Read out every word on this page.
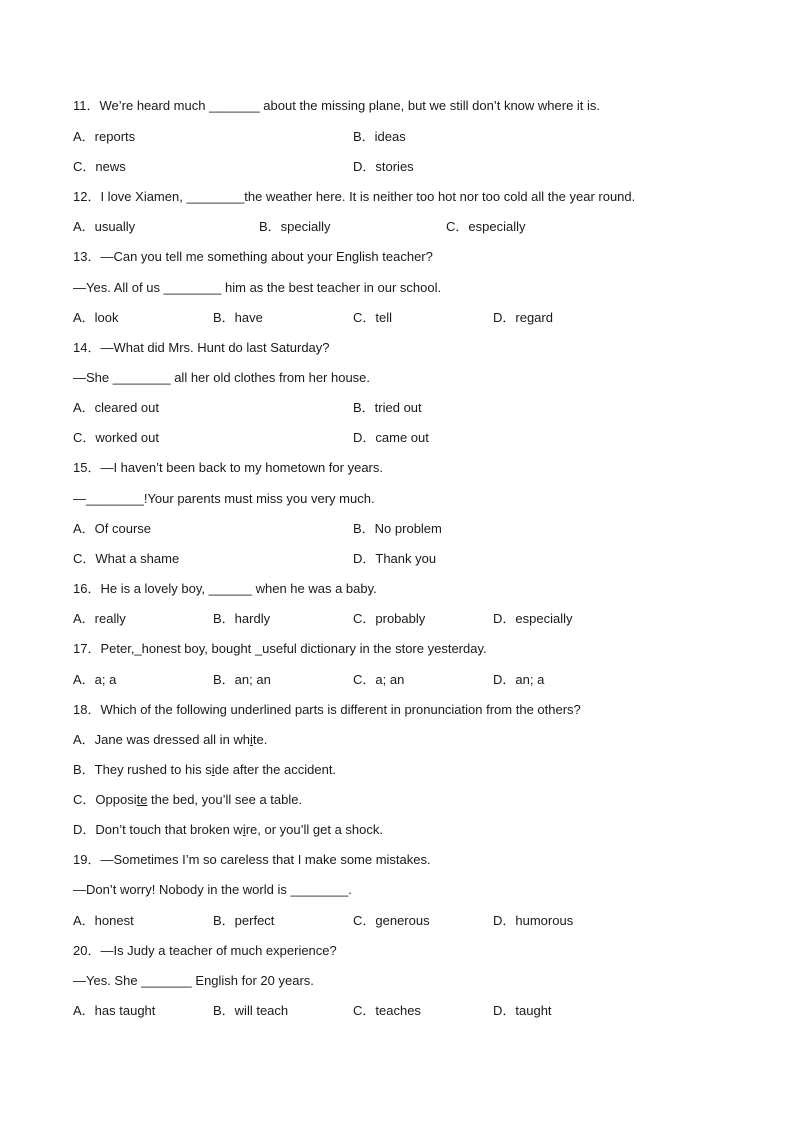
11．We’re heard much _______ about the missing plane, but we still don’t know where it is.
A．reports	B．ideas
C．news	D．stories
12．I love Xiamen, ________the weather here. It is neither too hot nor too cold all the year round.
A．usually	B．specially	C．especially
13．—Can you tell me something about your English teacher?
—Yes. All of us ________ him as the best teacher in our school.
A．look	B．have	C．tell	D．regard
14．—What did Mrs. Hunt do last Saturday?
—She ________ all her old clothes from her house.
A．cleared out	B．tried out
C．worked out	D．came out
15．—I haven’t been back to my hometown for years.
—________!Your parents must miss you very much.
A．Of course	B．No problem
C．What a shame	D．Thank you
16．He is a lovely boy, ______ when he was a baby.
A．really	B．hardly	C．probably	D．especially
17．Peter,_honest boy, bought _useful dictionary in the store yesterday.
A．a; a	B．an; an	C．a; an	D．an; a
18．Which of the following underlined parts is different in pronunciation from the others?
A．Jane was dressed all in white.
B．They rushed to his side after the accident.
C．Opposite the bed, you’ll see a table.
D．Don’t touch that broken wire, or you’ll get a shock.
19．—Sometimes I’m so careless that I make some mistakes.
—Don’t worry! Nobody in the world is ________.
A．honest	B．perfect	C．generous	D．humorous
20．—Is Judy a teacher of much experience?
—Yes. She _______ English for 20 years.
A．has taught	B．will teach	C．teaches	D．taught
